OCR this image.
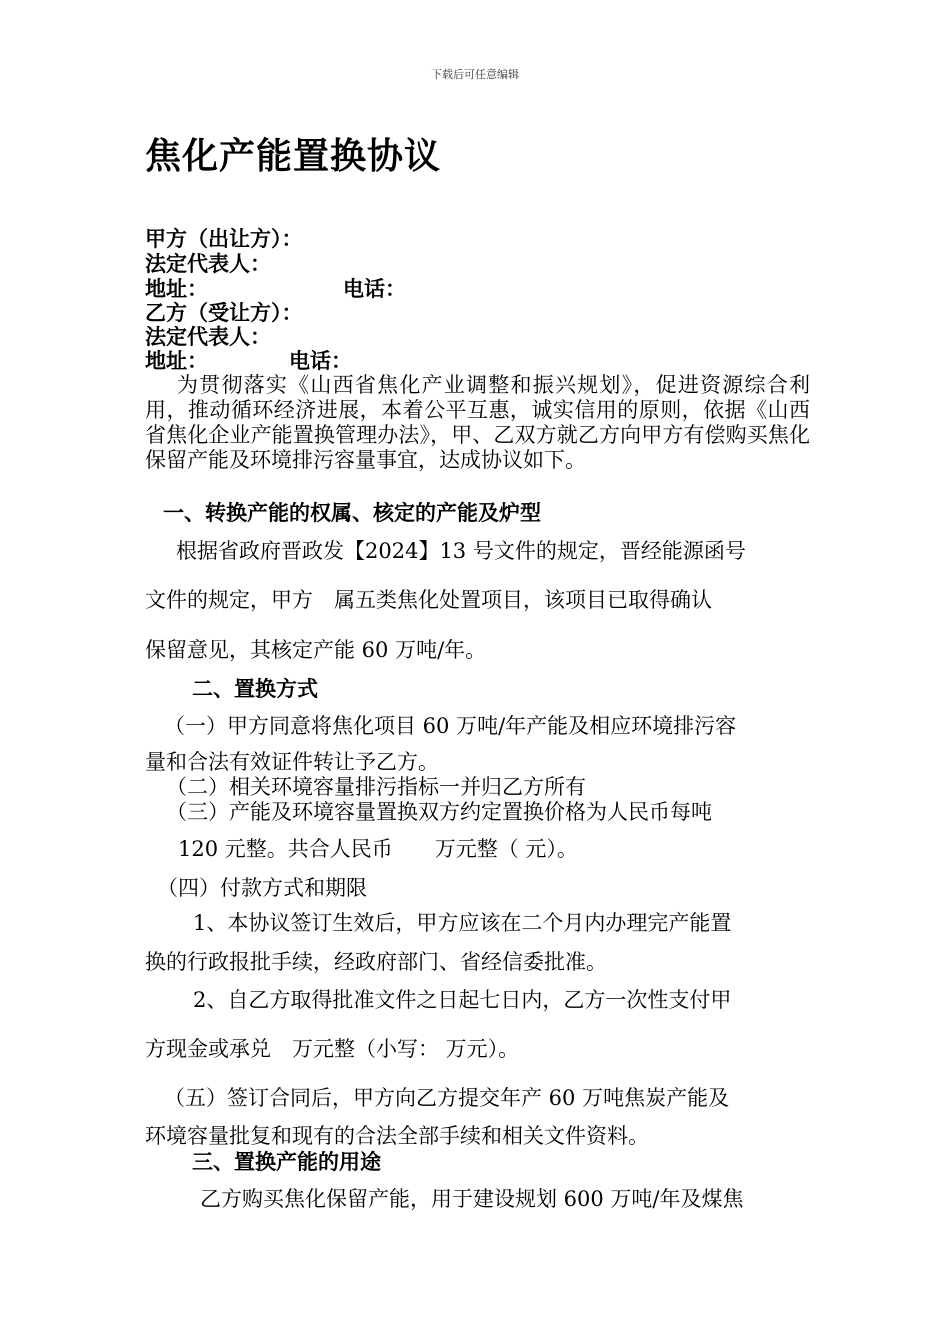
下载后可任意编辑
焦化产能置换协议
甲方（出让方）：
法定代表人：
地址：	电话：
乙方（受让方）：
法定代表人：
地址：	电话：
为贯彻落实《山西省焦化产业调整和振兴规划》，促进资源综合利用，推动循环经济进展，本着公平互惠，诚实信用的原则，依据《山西省焦化企业产能置换管理办法》，甲、乙双方就乙方向甲方有偿购买焦化保留产能及环境排污容量事宜，达成协议如下。
一、转换产能的权属、核定的产能及炉型
根据省政府晋政发【2024】13 号文件的规定，晋经能源函号
文件的规定，甲方　属五类焦化处置项目，该项目已取得确认
保留意见，其核定产能 60 万吨/年。
二、置换方式
（一）甲方同意将焦化项目 60 万吨/年产能及相应环境排污容
量和合法有效证件转让予乙方。
（二）相关环境容量排污指标一并归乙方所有
（三）产能及环境容量置换双方约定置换价格为人民币每吨
120 元整。共合人民币　　万元整（ 元）。
（四）付款方式和期限
1、本协议签订生效后，甲方应该在二个月内办理完产能置
换的行政报批手续，经政府部门、省经信委批准。
2、自乙方取得批准文件之日起七日内，乙方一次性支付甲
方现金或承兑　万元整（小写： 万元）。
（五）签订合同后，甲方向乙方提交年产 60 万吨焦炭产能及
环境容量批复和现有的合法全部手续和相关文件资料。
三、置换产能的用途
乙方购买焦化保留产能，用于建设规划 600 万吨/年及煤焦
